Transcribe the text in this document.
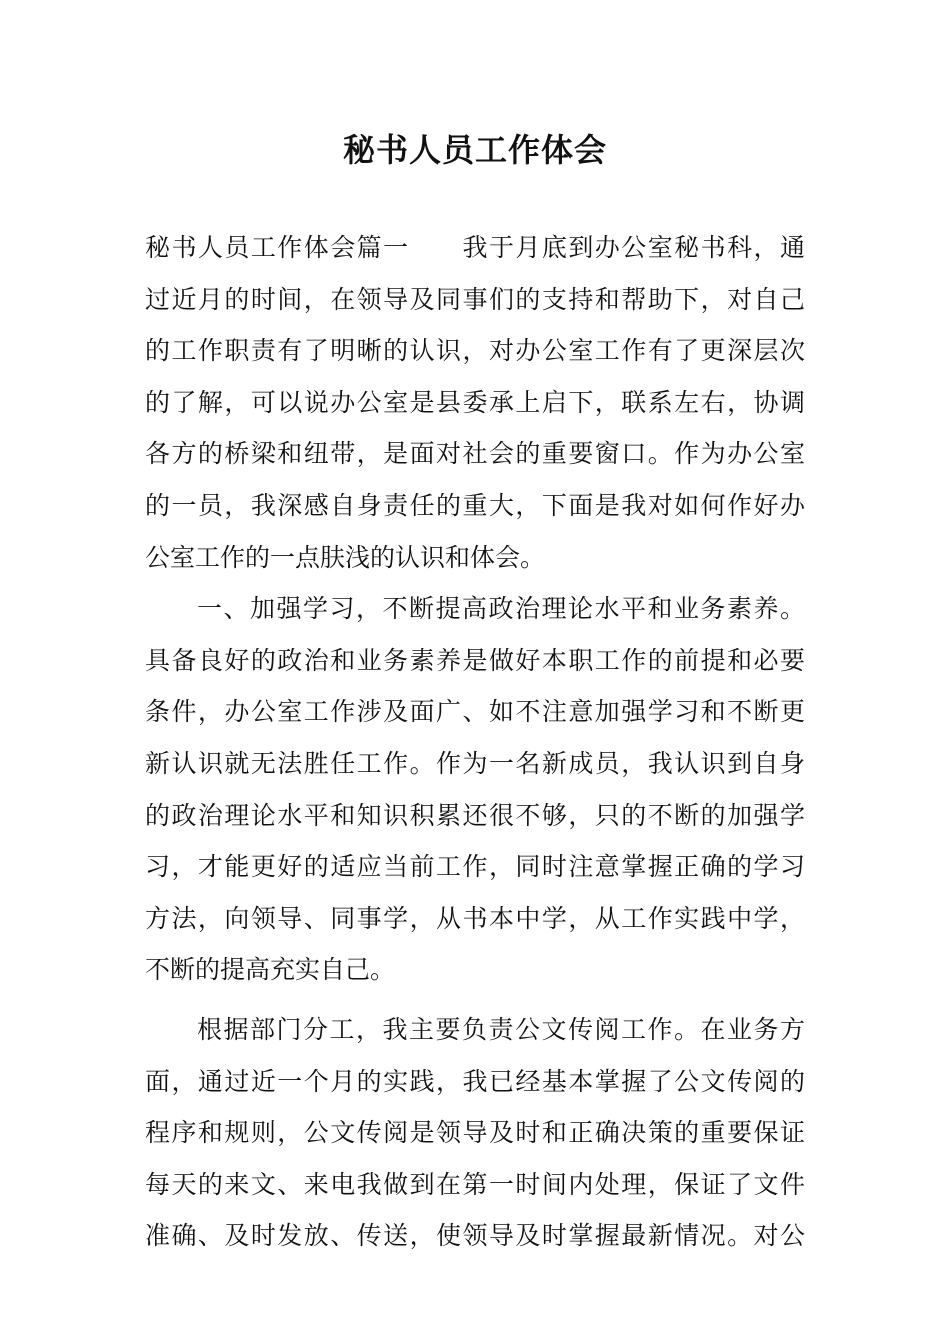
秘书人员工作体会
秘书人员工作体会篇一　　我于月底到办公室秘书科，通
过近月的时间，在领导及同事们的支持和帮助下，对自己
的工作职责有了明晰的认识，对办公室工作有了更深层次
的了解，可以说办公室是县委承上启下，联系左右，协调
各方的桥梁和纽带，是面对社会的重要窗口。作为办公室
的一员，我深感自身责任的重大，下面是我对如何作好办
公室工作的一点肤浅的认识和体会。
一、加强学习，不断提高政治理论水平和业务素养。
具备良好的政治和业务素养是做好本职工作的前提和必要
条件，办公室工作涉及面广、如不注意加强学习和不断更
新认识就无法胜任工作。作为一名新成员，我认识到自身
的政治理论水平和知识积累还很不够，只的不断的加强学
习，才能更好的适应当前工作，同时注意掌握正确的学习
方法，向领导、同事学，从书本中学，从工作实践中学，
不断的提高充实自己。
根据部门分工，我主要负责公文传阅工作。在业务方
面，通过近一个月的实践，我已经基本掌握了公文传阅的
程序和规则，公文传阅是领导及时和正确决策的重要保证
每天的来文、来电我做到在第一时间内处理，保证了文件
准确、及时发放、传送，使领导及时掌握最新情况。对公
